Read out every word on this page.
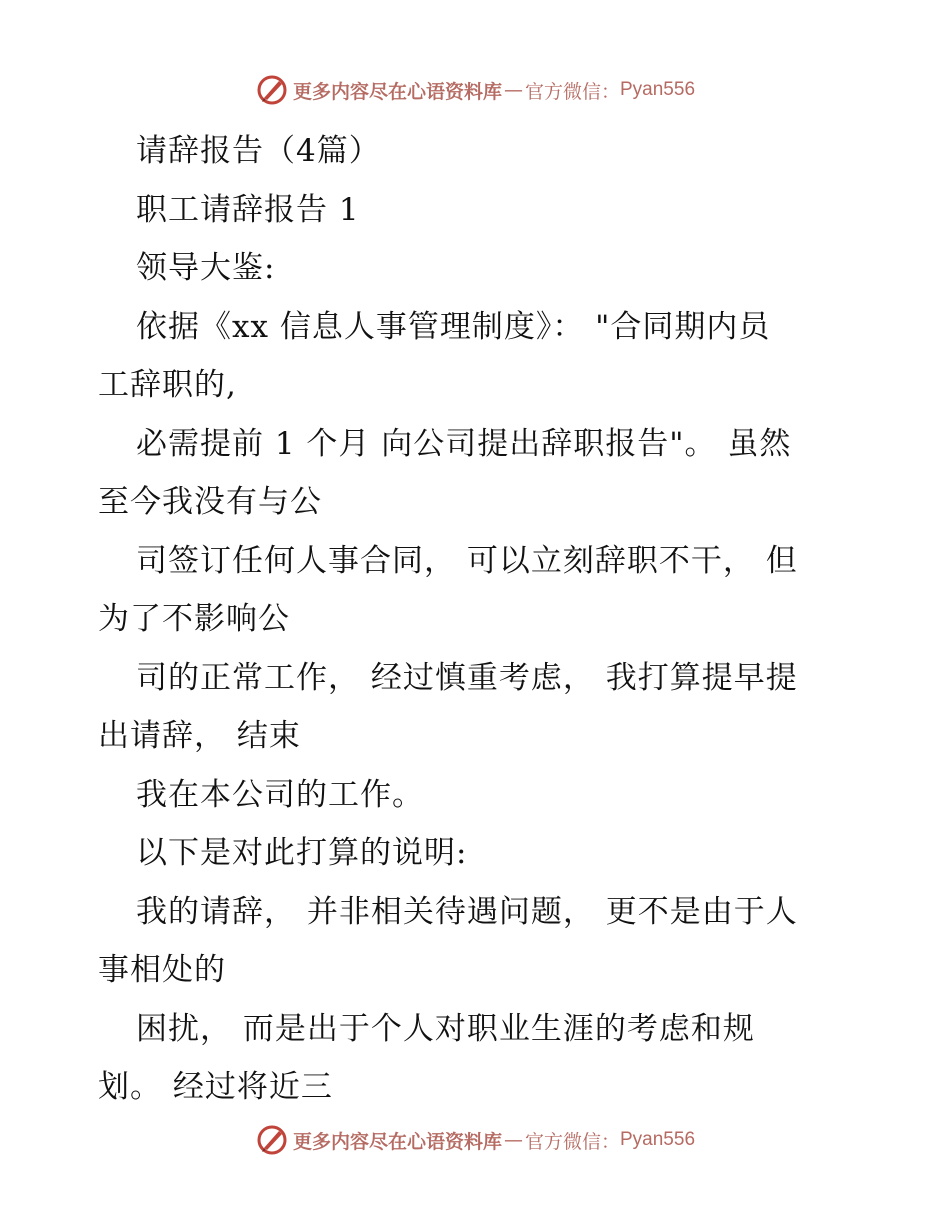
更多内容尽在心语资料库 — 官方微信： Pyan556
请辞报告（4篇）
职工请辞报告 1
领导大鉴:
依据《xx 信息人事管理制度》： "合同期内员
工辞职的,
必需提前 1 个月 向公司提出辞职报告"。 虽然
至今我没有与公
司签订任何人事合同， 可以立刻辞职不干， 但
为了不影响公
司的正常工作， 经过慎重考虑， 我打算提早提
出请辞， 结束
我在本公司的工作。
以下是对此打算的说明:
我的请辞， 并非相关待遇问题， 更不是由于人
事相处的
困扰， 而是出于个人对职业生涯的考虑和规
划。 经过将近三
更多内容尽在心语资料库 — 官方微信： Pyan556
